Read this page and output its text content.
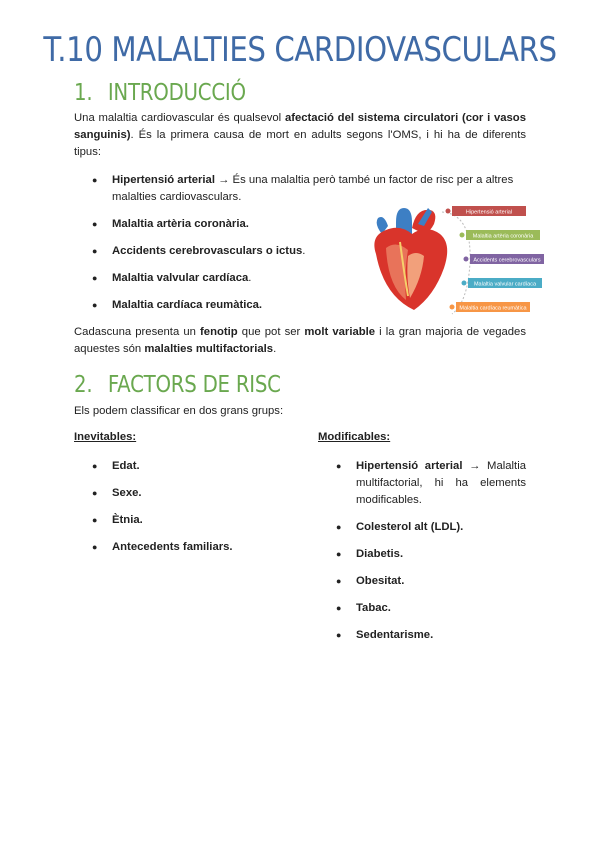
T.10 MALALTIES CARDIOVASCULARS
1. INTRODUCCIÓ

Una malaltia cardiovascular és qualsevol afectació del sistema circulatori (cor i vasos sanguinis). És la primera causa de mort en adults segons l'OMS, i hi ha de diferents tipus:

● Hipertensió arterial → És una malaltia però també un factor de risc per a altres malalties cardiovasculars.
● Malaltia artèria coronària.
● Accidents cerebrovasculars o ictus.
● Malaltia valvular cardíaca.
● Malaltia cardíaca reumàtica.
Hipertensió arterial
Malaltia artèria coronària
Accidents cerebrovasculars
Malaltia valvular cardíaca
Malaltia cardíaca reumàtica

Cadascuna presenta un fenotip que pot ser molt variable i la gran majoria de vegades aquestes són malalties multifactorials.

2. FACTORS DE RISC

Els podem classificar en dos grans grups:

Inevitables:

● Edat.
● Sexe.
● Ètnia.
● Antecedents familiars.

Modificables:

● Hipertensió arterial → Malaltia multifactorial, hi ha elements modificables.
● Colesterol alt (LDL).
● Diabetis.
● Obesitat.
● Tabac.
● Sedentarisme.
